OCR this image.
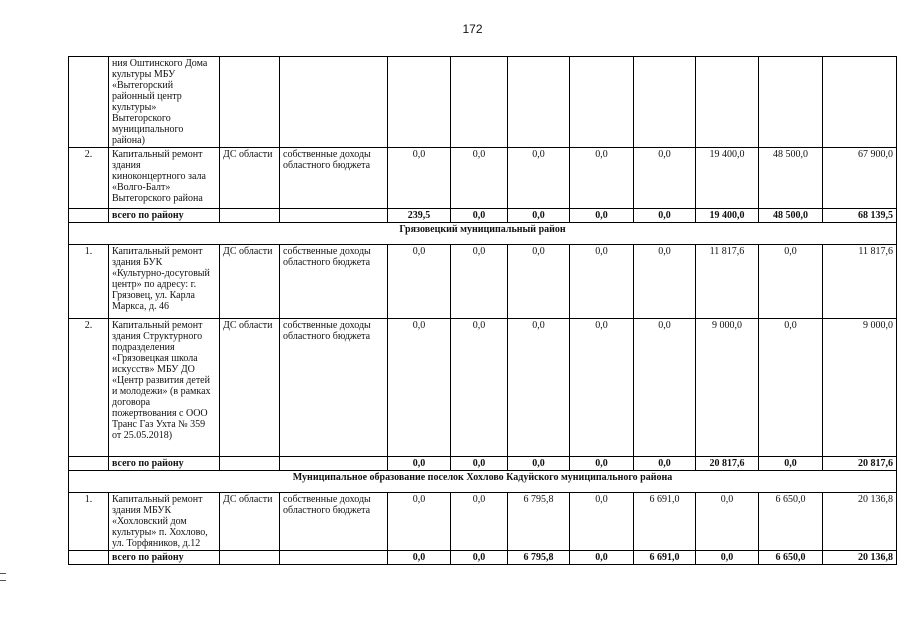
172
	ния Оштинского Дома культуры МБУ «Вытегорский районный центр культуры» Вытегорского муниципального района)										
2.	Капитальный ремонт здания киноконцертного зала «Волго-Балт» Вытегорского района	ДС области	собственные доходы областного бюджета	0,0	0,0	0,0	0,0	0,0	19 400,0	48 500,0	67 900,0
	всего по району			239,5	0,0	0,0	0,0	0,0	19 400,0	48 500,0	68 139,5
Грязовецкий муниципальный район											
1.	Капитальный ремонт здания БУК «Культурно-досуговый центр» по адресу: г. Грязовец, ул. Карла Маркса, д. 46	ДС области	собственные доходы областного бюджета	0,0	0,0	0,0	0,0	0,0	11 817,6	0,0	11 817,6
2.	Капитальный ремонт здания Структурного подразделения «Грязовецкая школа искусств» МБУ ДО «Центр развития детей и молодежи» (в рамках договора пожертвования с ООО Транс Газ Ухта № 359 от 25.05.2018)	ДС области	собственные доходы областного бюджета	0,0	0,0	0,0	0,0	0,0	9 000,0	0,0	9 000,0
	всего по району			0,0	0,0	0,0	0,0	0,0	20 817,6	0,0	20 817,6
Муниципальное образование поселок Хохлово Кадуйского муниципального района											
1.	Капитальный ремонт здания МБУК «Хохловский дом культуры» п. Хохлово, ул. Торфяников, д.12	ДС области	собственные доходы областного бюджета	0,0	0,0	6 795,8	0,0	6 691,0	0,0	6 650,0	20 136,8
	всего по району			0,0	0,0	6 795,8	0,0	6 691,0	0,0	6 650,0	20 136,8
